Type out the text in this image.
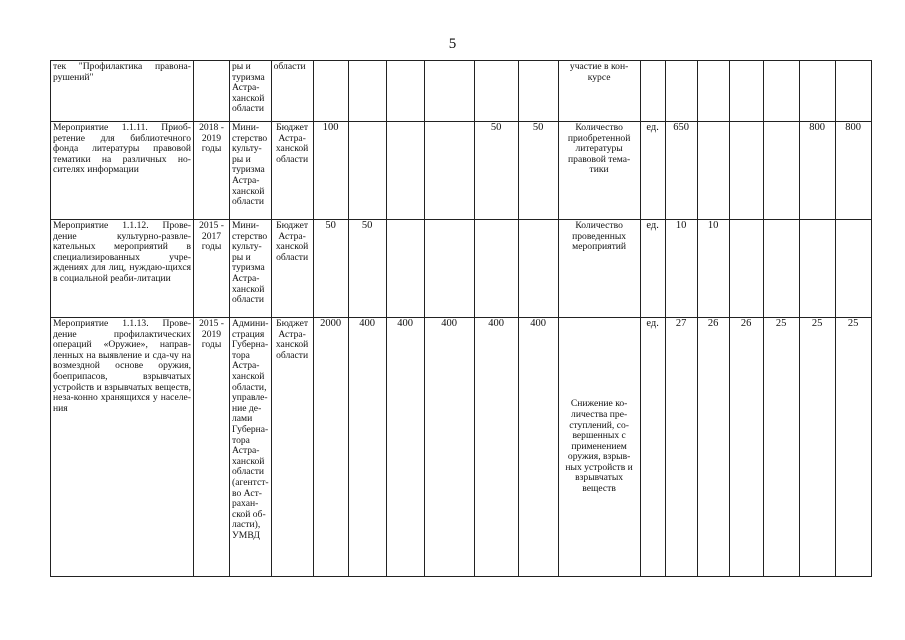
5
тек "Профилактика правона-рушений"		ры и туризма Астра-ханской области	области							участие в кон-курсе							
Мероприятие 1.1.11. Приоб-ретение для библиотечного фонда литературы правовой тематики на различных но-сителях информации	2018 - 2019 годы	Мини-стерство культу-ры и туризма Астра-ханской области	Бюджет Астра-ханской области	100				50	50	Количество приобретенной литературы правовой тема-тики	ед.	650				800	800
Мероприятие 1.1.12. Прове-дение культурно-развле-кательных мероприятий в специализированных учре-ждениях для лиц, нуждаю-щихся в социальной реаби-литации	2015 - 2017 годы	Мини-стерство культу-ры и туризма Астра-ханской области	Бюджет Астра-ханской области	50	50					Количество проведенных мероприятий	ед.	10	10				
Мероприятие 1.1.13. Прове-дение профилактических операций «Оружие», направ-ленных на выявление и сда-чу на возмездной основе оружия, боеприпасов, взрывчатых устройств и взрывчатых веществ, неза-конно хранящихся у населе-ния	2015 - 2019 годы	Админи-страция Губерна-тора Астра-ханской области, управле-ние де-лами Губерна-тора Астра-ханской области (агентст-во Аст-рахан-ской об-ласти), УМВД	Бюджет Астра-ханской области	2000	400	400	400	400	400	Снижение ко-личества пре-ступлений, со-вершенных с применением оружия, взрыв-ных устройств и взрывчатых веществ	ед.	27	26	26	25	25	25
